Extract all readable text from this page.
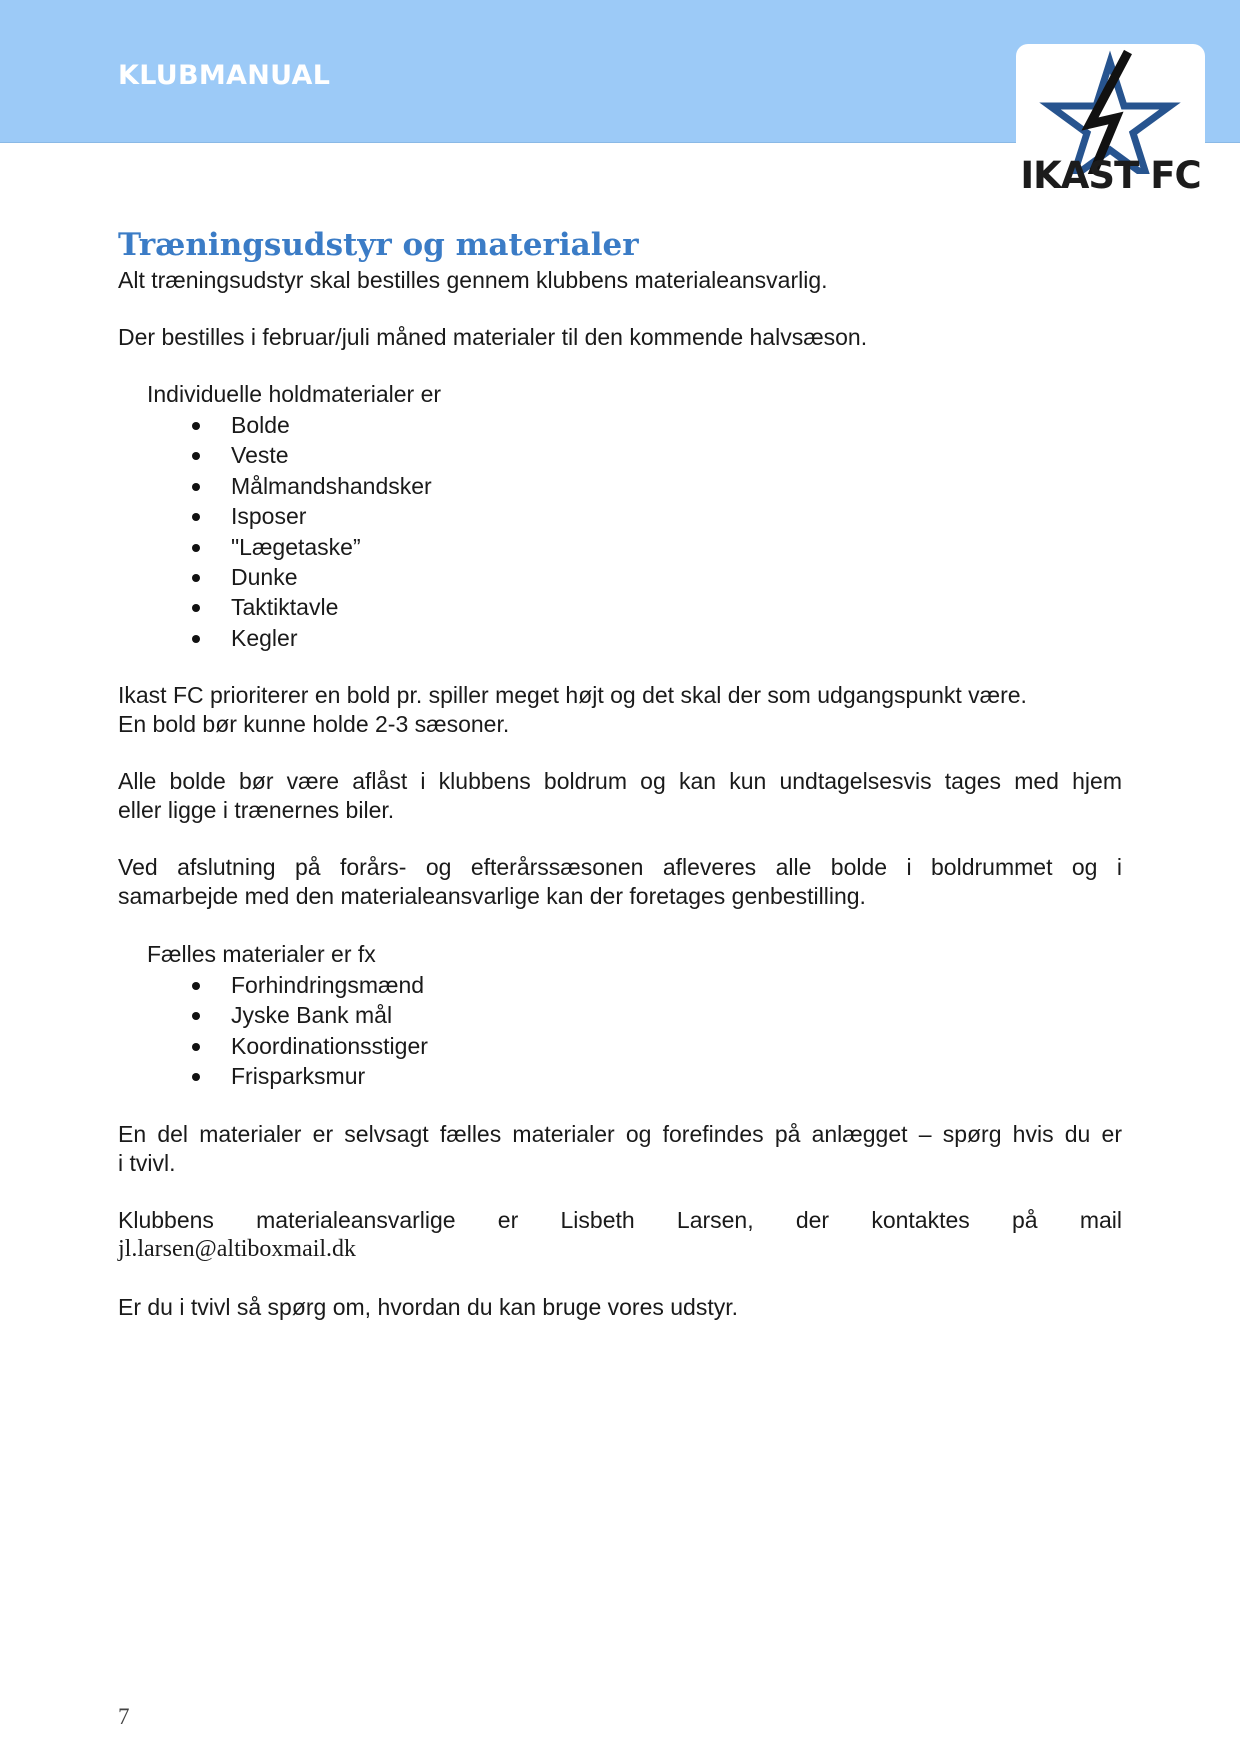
KLUBMANUAL
IKAST FC
Træningsudstyr og materialer

Alt træningsudstyr skal bestilles gennem klubbens materialeansvarlig.

Der bestilles i februar/juli måned materialer til den kommende halvsæson.

Individuelle holdmaterialer er

Bolde
Veste
Målmandshandsker
Isposer
"Lægetaske”
Dunke
Taktiktavle
Kegler

Ikast FC prioriterer en bold pr. spiller meget højt og det skal der som udgangspunkt være.
En bold bør kunne holde 2-3 sæsoner.

Alle bolde bør være aflåst i klubbens boldrum og kan kun undtagelsesvis tages med hjem
eller ligge i trænernes biler.

Ved afslutning på forårs- og efterårssæsonen afleveres alle bolde i boldrummet og i
samarbejde med den materialeansvarlige kan der foretages genbestilling.

Fælles materialer er fx

Forhindringsmænd
Jyske Bank mål
Koordinationsstiger
Frisparksmur

En del materialer er selvsagt fælles materialer og forefindes på anlægget – spørg hvis du er
i tvivl.

Klubbens materialeansvarlige er Lisbeth Larsen, der kontaktes på mail
jl.larsen@altiboxmail.dk

Er du i tvivl så spørg om, hvordan du kan bruge vores udstyr.

7
